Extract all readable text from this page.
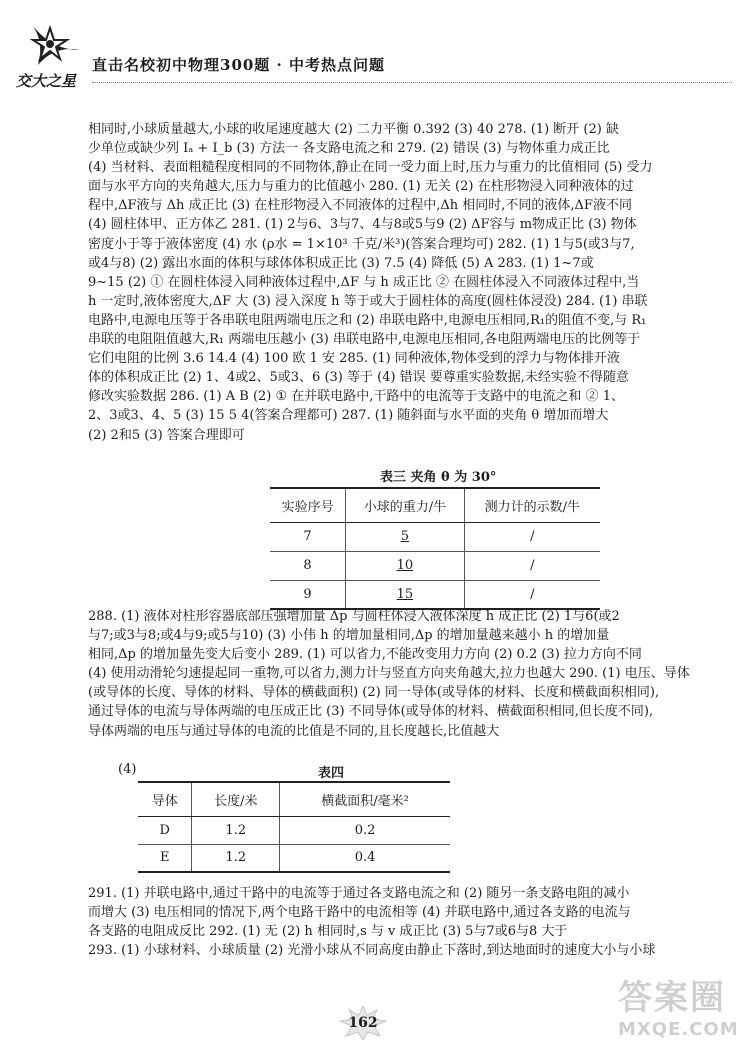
交大之星
直击名校初中物理300题 · 中考热点问题

相同时,小球质量越大,小球的收尾速度越大 (2) 二力平衡 0.392 (3) 40 278. (1) 断开 (2) 缺

少单位或缺少列 Iₐ + I_b (3) 方法一 各支路电流之和 279. (2) 错误 (3) 与物体重力成正比

(4) 当材料、表面粗糙程度相同的不同物体,静止在同一受力面上时,压力与重力的比值相同 (5) 受力

面与水平方向的夹角越大,压力与重力的比值越小 280. (1) 无关 (2) 在柱形物浸入同种液体的过

程中,ΔF液与 Δh 成正比 (3) 在柱形物浸入不同液体的过程中,Δh 相同时,不同的液体,ΔF液不同

(4) 圆柱体甲、正方体乙 281. (1) 2与6、3与7、4与8或5与9 (2) ΔF容与 m物成正比 (3) 物体

密度小于等于液体密度 (4) 水 (ρ水 = 1×10³ 千克/米³)(答案合理均可) 282. (1) 1与5(或3与7,

或4与8) (2) 露出水面的体积与球体体积成正比 (3) 7.5 (4) 降低 (5) A 283. (1) 1~7或

9~15 (2) ① 在圆柱体浸入同种液体过程中,ΔF 与 h 成正比 ② 在圆柱体浸入不同液体过程中,当

h 一定时,液体密度大,ΔF 大 (3) 浸入深度 h 等于或大于圆柱体的高度(圆柱体浸没) 284. (1) 串联

电路中,电源电压等于各串联电阻两端电压之和 (2) 串联电路中,电源电压相同,R₁的阻值不变,与 R₁

串联的电阻阻值越大,R₁ 两端电压越小 (3) 串联电路中,电源电压相同,各电阻两端电压的比例等于

它们电阻的比例 3.6 14.4 (4) 100 欧 1 安 285. (1) 同种液体,物体受到的浮力与物体排开液

体的体积成正比 (2) 1、4或2、5或3、6 (3) 等于 (4) 错误 要尊重实验数据,未经实验不得随意

修改实验数据 286. (1) A B (2) ① 在并联电路中,干路中的电流等于支路中的电流之和 ② 1、

2、3或3、4、5 (3) 15 5 4(答案合理都可) 287. (1) 随斜面与水平面的夹角 θ 增加而增大

(2) 2和5 (3) 答案合理即可

表三 夹角 θ 为 30°
实验序号	小球的重力/牛	测力计的示数/牛
7	5	/
8	10	/
9	15	/

288. (1) 液体对柱形容器底部压强增加量 Δp 与圆柱体浸入液体深度 h 成正比 (2) 1与6(或2

与7;或3与8;或4与9;或5与10) (3) 小伟 h 的增加量相同,Δp 的增加量越来越小 h 的增加量

相同,Δp 的增加量先变大后变小 289. (1) 可以省力,不能改变用力方向 (2) 0.2 (3) 拉力方向不同

(4) 使用动滑轮匀速提起同一重物,可以省力,测力计与竖直方向夹角越大,拉力也越大 290. (1) 电压、导体

(或导体的长度、导体的材料、导体的横截面积) (2) 同一导体(或导体的材料、长度和横截面积相同),

通过导体的电流与导体两端的电压成正比 (3) 不同导体(或导体的材料、横截面积相同,但长度不同),

导体两端的电压与通过导体的电流的比值是不同的,且长度越长,比值越大

(4)	表四
导体	长度/米	横截面积/毫米²
D	1.2	0.2
E	1.2	0.4

291. (1) 并联电路中,通过干路中的电流等于通过各支路电流之和 (2) 随另一条支路电阻的减小

而增大 (3) 电压相同的情况下,两个电路干路中的电流相等 (4) 并联电路中,通过各支路的电流与

各支路的电阻成反比 292. (1) 无 (2) h 相同时,s 与 v 成正比 (3) 5与7或6与8 大于

293. (1) 小球材料、小球质量 (2) 光滑小球从不同高度由静止下落时,到达地面时的速度大小与小球

162
答案圈
MXQE.COM
